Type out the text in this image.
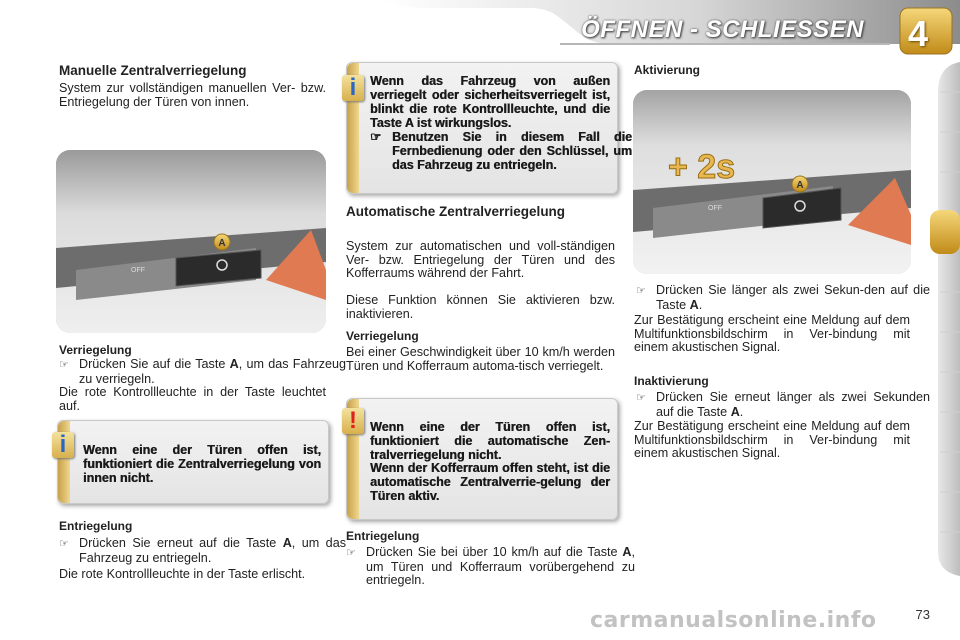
ÖFFNEN - SCHLIESSEN	4
Manuelle Zentralverriegelung

System zur vollständigen manuellen Ver- bzw. Entriegelung der Türen von innen.

A
OFF
Verriegelung
☞ Drücken Sie auf die Taste A, um das Fahrzeug zu verriegeln.

Die rote Kontrollleuchte in der Taste leuchtet auf.

Wenn eine der Türen offen ist, funktioniert die Zentralverriegelung von innen nicht.
i
Entriegelung
☞ Drücken Sie erneut auf die Taste A, um das Fahrzeug zu entriegeln.

Die rote Kontrollleuchte in der Taste erlischt.

Wenn das Fahrzeug von außen verriegelt oder sicherheitsverriegelt ist, blinkt die rote Kontrollleuchte, und die Taste A ist wirkungslos.
☞ Benutzen Sie in diesem Fall die Fernbedienung oder den Schlüssel, um das Fahrzeug zu entriegeln.
i
Automatische Zentralverriegelung

System zur automatischen und voll-ständigen Ver- bzw. Entriegelung der Türen und des Kofferraums während der Fahrt.

Diese Funktion können Sie aktivieren bzw. inaktivieren.

Verriegelung

Bei einer Geschwindigkeit über 10 km/h werden Türen und Kofferraum automa-tisch verriegelt.

Wenn eine der Türen offen ist, funktioniert die automatische Zen-tralverriegelung nicht.
Wenn der Kofferraum offen steht, ist die automatische Zentralverrie-gelung der Türen aktiv.
!
Entriegelung
☞ Drücken Sie bei über 10 km/h auf die Taste A, um Türen und Kofferraum vorübergehend zu entriegeln.
Aktivierung
A
OFF
+ 2s
☞ Drücken Sie länger als zwei Sekun-den auf die Taste A.

Zur Bestätigung erscheint eine Meldung auf dem Multifunktionsbildschirm in Ver-bindung mit einem akustischen Signal.

Inaktivierung
☞ Drücken Sie erneut länger als zwei Sekunden auf die Taste A.

Zur Bestätigung erscheint eine Meldung auf dem Multifunktionsbildschirm in Ver-bindung mit einem akustischen Signal.

carmanualsonline.info	73
